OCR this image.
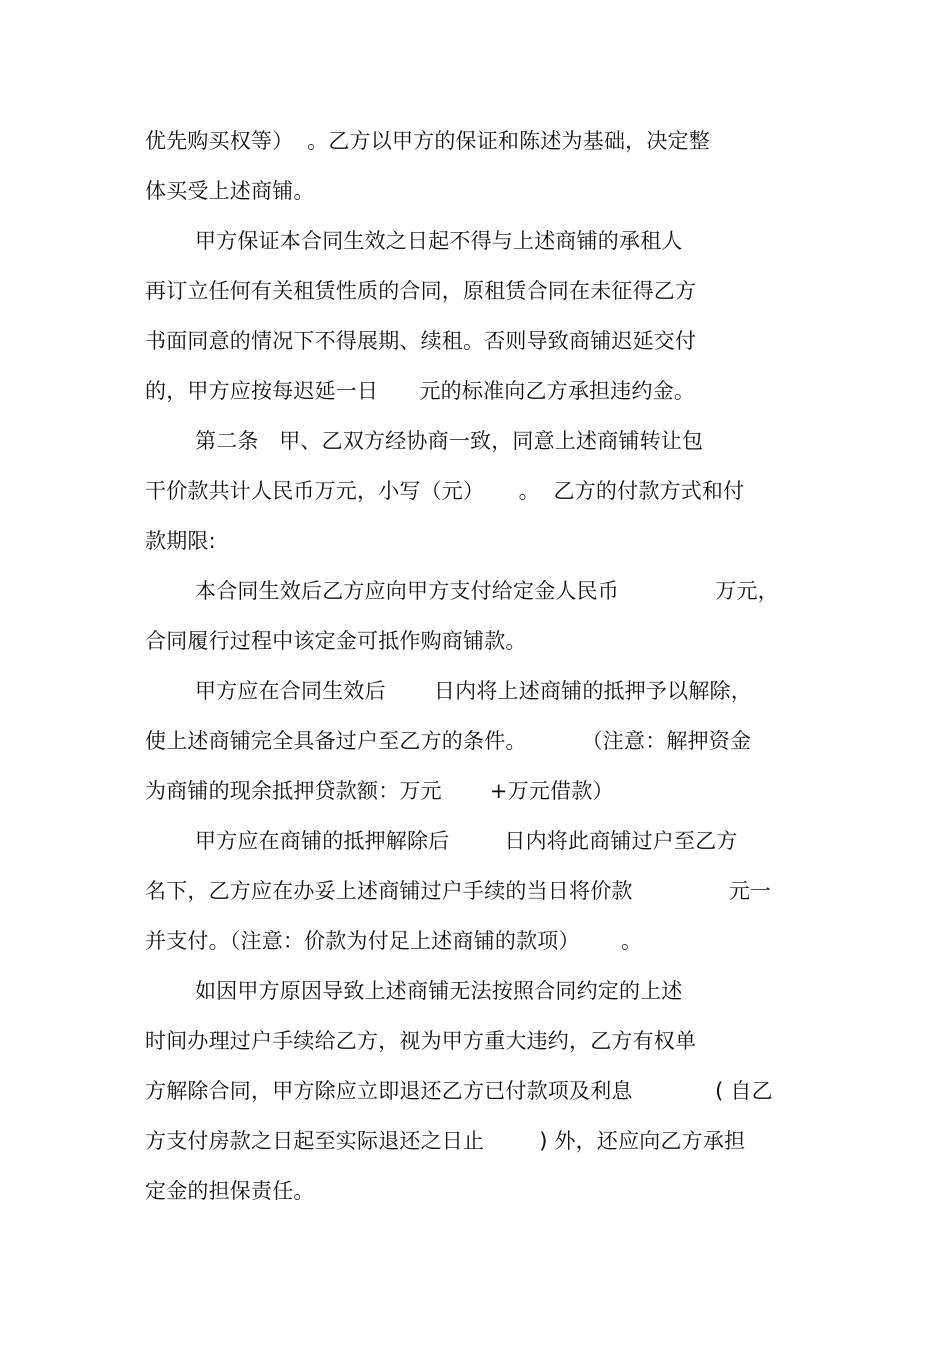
优先购买权等）  。乙方以甲方的保证和陈述为基础，决定整
体买受上述商铺。
甲方保证本合同生效之日起不得与上述商铺的承租人
再订立任何有关租赁性质的合同，原租赁合同在未征得乙方
书面同意的情况下不得展期、续租。否则导致商铺迟延交付
的，甲方应按每迟延一日      元的标准向乙方承担违约金。
第二条   甲、乙双方经协商一致，同意上述商铺转让包
干价款共计人民币万元，小写（元）     。  乙方的付款方式和付
款期限:
本合同生效后乙方应向甲方支付给定金人民币              万元，
合同履行过程中该定金可抵作购商铺款。
甲方应在合同生效后       日内将上述商铺的抵押予以解除，
使上述商铺完全具备过户至乙方的条件。        （注意：解押资金
为商铺的现余抵押贷款额：万元       +万元借款）
甲方应在商铺的抵押解除后        日内将此商铺过户至乙方
名下，乙方应在办妥上述商铺过户手续的当日将价款              元一
并支付。（注意：价款为付足上述商铺的款项）      。
如因甲方原因导致上述商铺无法按照合同约定的上述
时间办理过户手续给乙方，视为甲方重大违约，乙方有权单
方解除合同，甲方除应立即退还乙方已付款项及利息            ( 自乙
方支付房款之日起至实际退还之日止        ) 外，还应向乙方承担
定金的担保责任。
